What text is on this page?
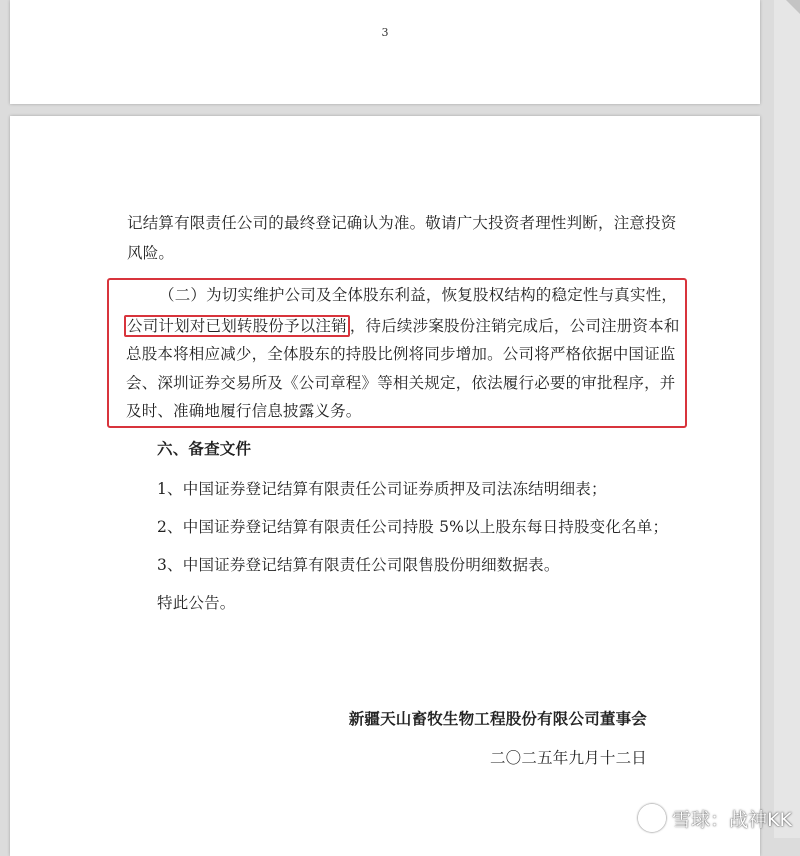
3

记结算有限责任公司的最终登记确认为准。敬请广大投资者理性判断，注意投资

风险。

（二）为切实维护公司及全体股东利益，恢复股权结构的稳定性与真实性，

公司计划对已划转股份予以注销 ，待后续涉案股份注销完成后，公司注册资本和

总股本将相应减少，全体股东的持股比例将同步增加。公司将严格依据中国证监

会、深圳证券交易所及《公司章程》等相关规定，依法履行必要的审批程序，并

及时、准确地履行信息披露义务。

六、备查文件

1、中国证券登记结算有限责任公司证券质押及司法冻结明细表；

2、中国证券登记结算有限责任公司持股 5%以上股东每日持股变化名单；

3、中国证券登记结算有限责任公司限售股份明细数据表。

特此公告。

新疆天山畜牧生物工程股份有限公司董事会

二〇二五年九月十二日

雪球：战神KK
